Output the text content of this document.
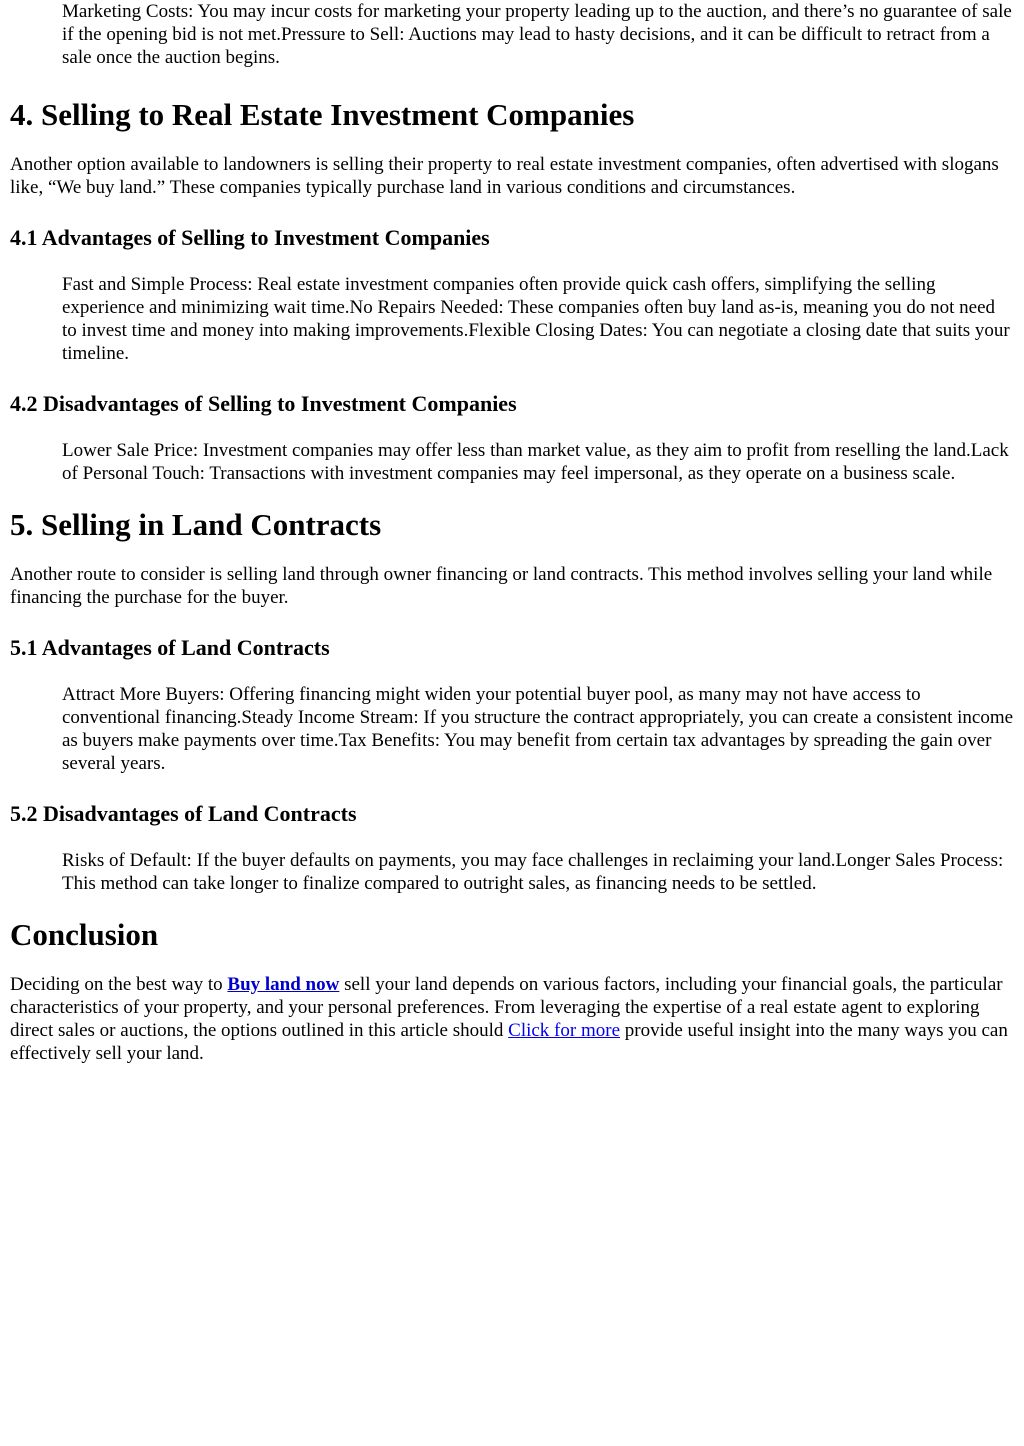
Marketing Costs: You may incur costs for marketing your property leading up to the auction, and there’s no guarantee of sale if the opening bid is not met.Pressure to Sell: Auctions may lead to hasty decisions, and it can be difficult to retract from a sale once the auction begins.

4. Selling to Real Estate Investment Companies

Another option available to landowners is selling their property to real estate investment companies, often advertised with slogans like, “We buy land.” These companies typically purchase land in various conditions and circumstances.

4.1 Advantages of Selling to Investment Companies

Fast and Simple Process: Real estate investment companies often provide quick cash offers, simplifying the selling experience and minimizing wait time.No Repairs Needed: These companies often buy land as-is, meaning you do not need to invest time and money into making improvements.Flexible Closing Dates: You can negotiate a closing date that suits your timeline.

4.2 Disadvantages of Selling to Investment Companies

Lower Sale Price: Investment companies may offer less than market value, as they aim to profit from reselling the land.Lack of Personal Touch: Transactions with investment companies may feel impersonal, as they operate on a business scale.

5. Selling in Land Contracts

Another route to consider is selling land through owner financing or land contracts. This method involves selling your land while financing the purchase for the buyer.

5.1 Advantages of Land Contracts

Attract More Buyers: Offering financing might widen your potential buyer pool, as many may not have access to conventional financing.Steady Income Stream: If you structure the contract appropriately, you can create a consistent income as buyers make payments over time.Tax Benefits: You may benefit from certain tax advantages by spreading the gain over several years.

5.2 Disadvantages of Land Contracts

Risks of Default: If the buyer defaults on payments, you may face challenges in reclaiming your land.Longer Sales Process: This method can take longer to finalize compared to outright sales, as financing needs to be settled.

Conclusion

Deciding on the best way to Buy land now sell your land depends on various factors, including your financial goals, the particular characteristics of your property, and your personal preferences. From leveraging the expertise of a real estate agent to exploring direct sales or auctions, the options outlined in this article should Click for more provide useful insight into the many ways you can effectively sell your land.
